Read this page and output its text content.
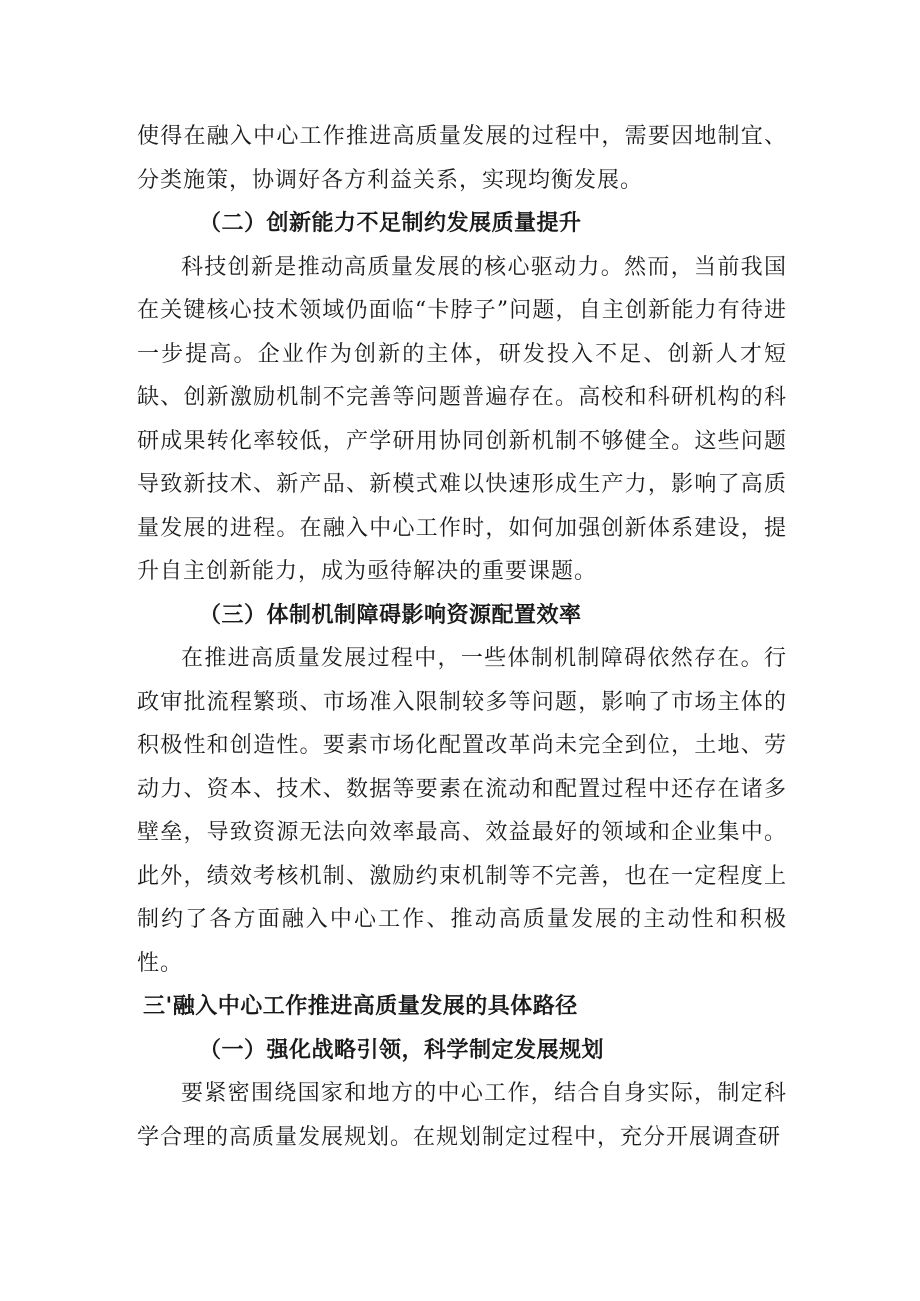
使得在融入中心工作推进高质量发展的过程中，需要因地制宜、分类施策，协调好各方利益关系，实现均衡发展。

（二）创新能力不足制约发展质量提升

科技创新是推动高质量发展的核心驱动力。然而，当前我国在关键核心技术领域仍面临“卡脖子”问题，自主创新能力有待进一步提高。企业作为创新的主体，研发投入不足、创新人才短缺、创新激励机制不完善等问题普遍存在。高校和科研机构的科研成果转化率较低，产学研用协同创新机制不够健全。这些问题导致新技术、新产品、新模式难以快速形成生产力，影响了高质量发展的进程。在融入中心工作时，如何加强创新体系建设，提升自主创新能力，成为亟待解决的重要课题。

（三）体制机制障碍影响资源配置效率

在推进高质量发展过程中，一些体制机制障碍依然存在。行政审批流程繁琐、市场准入限制较多等问题，影响了市场主体的积极性和创造性。要素市场化配置改革尚未完全到位，土地、劳动力、资本、技术、数据等要素在流动和配置过程中还存在诸多壁垒，导致资源无法向效率最高、效益最好的领域和企业集中。此外，绩效考核机制、激励约束机制等不完善，也在一定程度上制约了各方面融入中心工作、推动高质量发展的主动性和积极性。

三'融入中心工作推进高质量发展的具体路径
（一）强化战略引领，科学制定发展规划

要紧密围绕国家和地方的中心工作，结合自身实际，制定科学合理的高质量发展规划。在规划制定过程中，充分开展调查研
